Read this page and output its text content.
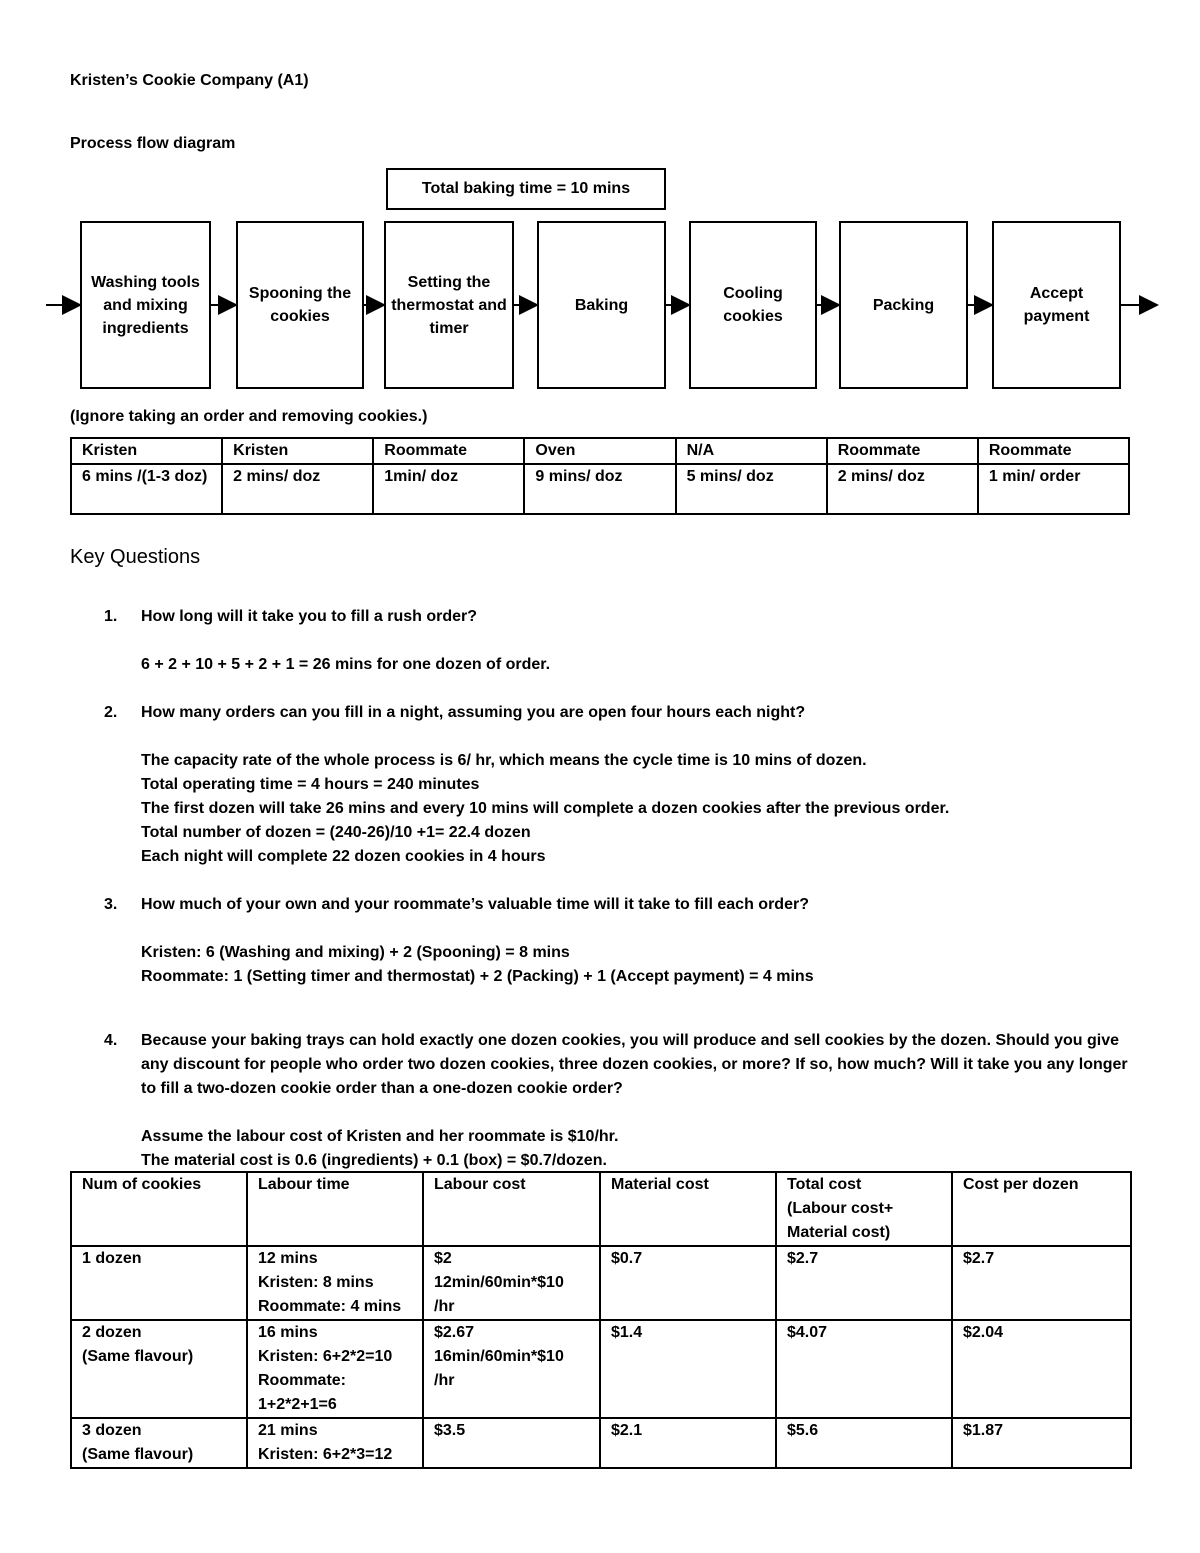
Kristen’s Cookie Company (A1)
Process flow diagram
Total baking time = 10 mins
Washing tools and mixing ingredients
Spooning the cookies
Setting the thermostat and timer
Baking
Cooling cookies
Packing
Accept payment
(Ignore taking an order and removing cookies.)
Kristen	Kristen	Roommate	Oven	N/A	Roommate	Roommate
6 mins /(1-3 doz)	2 mins/ doz	1min/ doz	9 mins/ doz	5 mins/ doz	2 mins/ doz	1 min/ order
Key Questions
1. How long will it take you to fill a rush order?
6 + 2 + 10 + 5 + 2 + 1 = 26 mins for one dozen of order.
2. How many orders can you fill in a night, assuming you are open four hours each night?
The capacity rate of the whole process is 6/ hr, which means the cycle time is 10 mins of dozen.
Total operating time = 4 hours = 240 minutes
The first dozen will take 26 mins and every 10 mins will complete a dozen cookies after the previous order.
Total number of dozen = (240-26)/10 +1= 22.4 dozen
Each night will complete 22 dozen cookies in 4 hours
3. How much of your own and your roommate’s valuable time will it take to fill each order?
Kristen: 6 (Washing and mixing) + 2 (Spooning) = 8 mins
Roommate: 1 (Setting timer and thermostat) + 2 (Packing) + 1 (Accept payment) = 4 mins
4. Because your baking trays can hold exactly one dozen cookies, you will produce and sell cookies by the dozen. Should you give any discount for people who order two dozen cookies, three dozen cookies, or more? If so, how much? Will it take you any longer to fill a two-dozen cookie order than a one-dozen cookie order?
Assume the labour cost of Kristen and her roommate is $10/hr.
The material cost is 0.6 (ingredients) + 0.1 (box) = $0.7/dozen.
Num of cookies	Labour time	Labour cost	Material cost	Total cost
(Labour cost+
Material cost)	Cost per dozen

1 dozen	12 mins
Kristen: 8 mins
Roommate: 4 mins	$2
12min/60min*$10
/hr	$0.7	$2.7	$2.7

2 dozen
(Same flavour)	16 mins
Kristen: 6+2*2=10
Roommate:
1+2*2+1=6	$2.67
16min/60min*$10
/hr	$1.4	$4.07	$2.04

3 dozen
(Same flavour)	21 mins
Kristen: 6+2*3=12	$3.5	$2.1	$5.6	$1.87
